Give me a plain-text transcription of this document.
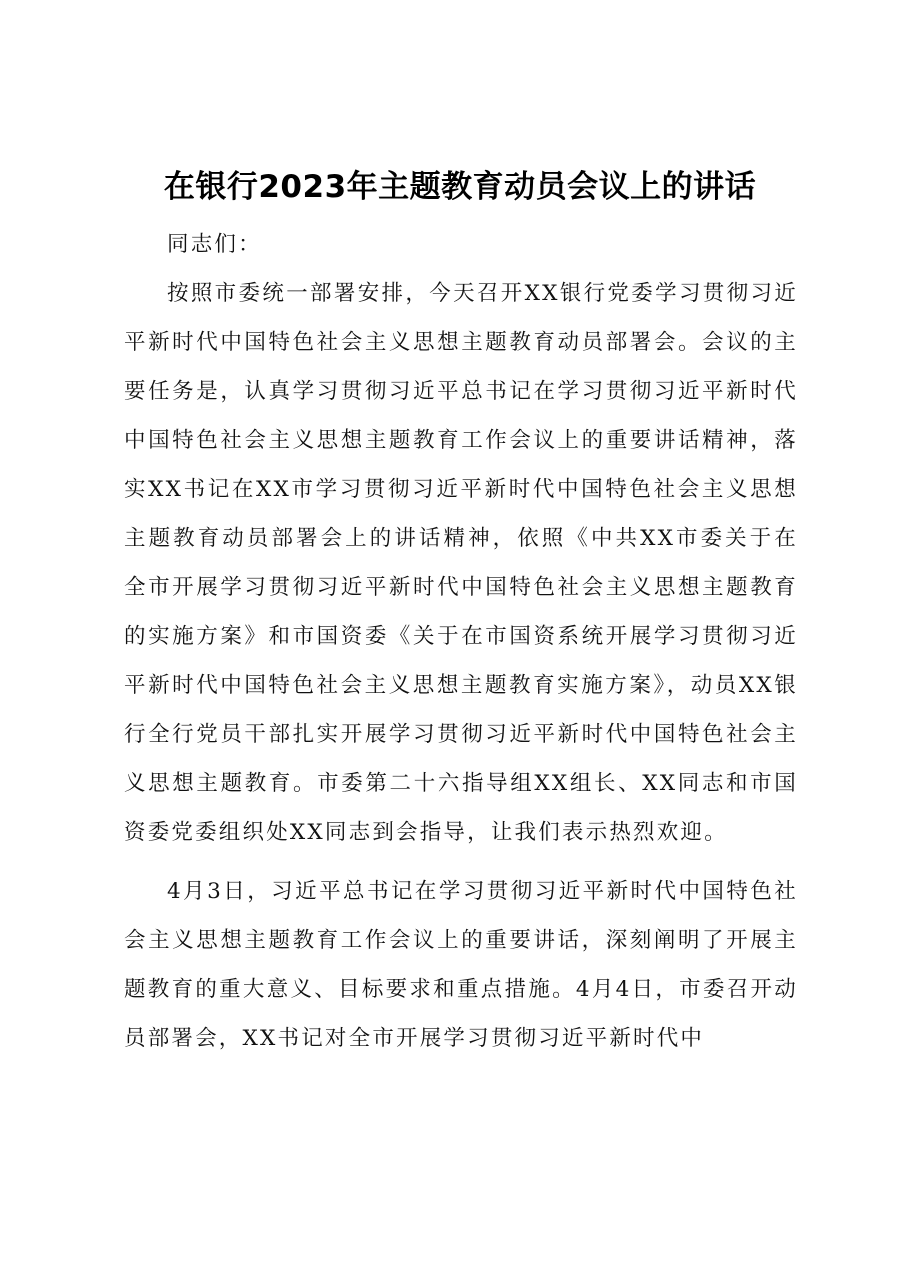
在银行2023年主题教育动员会议上的讲话

同志们：

按照市委统一部署安排，今天召开XX银行党委学习贯彻习近平新时代中国特色社会主义思想主题教育动员部署会。会议的主要任务是，认真学习贯彻习近平总书记在学习贯彻习近平新时代中国特色社会主义思想主题教育工作会议上的重要讲话精神，落实XX书记在XX市学习贯彻习近平新时代中国特色社会主义思想主题教育动员部署会上的讲话精神，依照《中共XX市委关于在全市开展学习贯彻习近平新时代中国特色社会主义思想主题教育的实施方案》和市国资委《关于在市国资系统开展学习贯彻习近平新时代中国特色社会主义思想主题教育实施方案》，动员XX银行全行党员干部扎实开展学习贯彻习近平新时代中国特色社会主义思想主题教育。市委第二十六指导组XX组长、XX同志和市国资委党委组织处XX同志到会指导，让我们表示热烈欢迎。

4月3日，习近平总书记在学习贯彻习近平新时代中国特色社会主义思想主题教育工作会议上的重要讲话，深刻阐明了开展主题教育的重大意义、目标要求和重点措施。4月4日，市委召开动员部署会，XX书记对全市开展学习贯彻习近平新时代中
